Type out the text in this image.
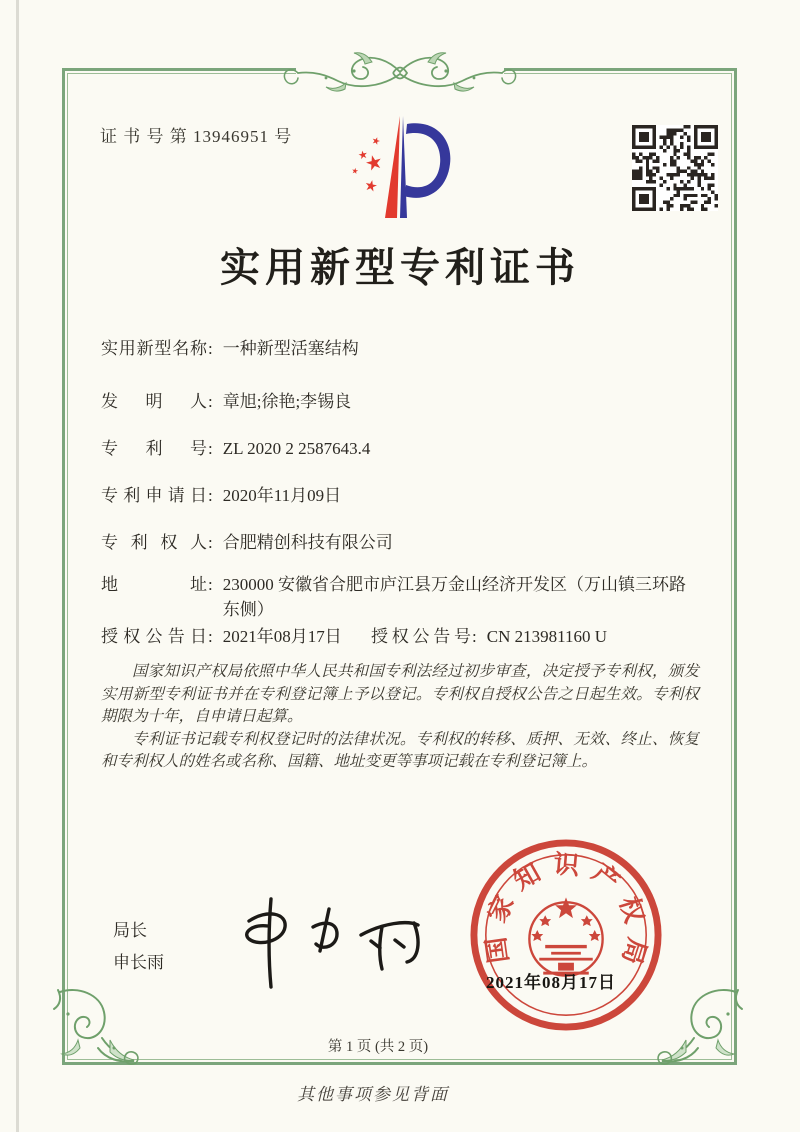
证 书 号 第 13946951 号
实用新型专利证书
实用新型名称 : 一种新型活塞结构
发明人 : 章旭;徐艳;李锡良
专利号 : ZL 2020 2 2587643.4
专利申请日 : 2020年11月09日
专利权人 : 合肥精创科技有限公司
地址 : 230000 安徽省合肥市庐江县万金山经济开发区（万山镇三环路东侧）
授权公告日 : 2021年08月17日 授权公告号 : CN 213981160 U

国家知识产权局依照中华人民共和国专利法经过初步审查，决定授予专利权，颁发实用新型专利证书并在专利登记簿上予以登记。专利权自授权公告之日起生效。专利权期限为十年，自申请日起算。

专利证书记载专利权登记时的法律状况。专利权的转移、质押、无效、终止、恢复和专利权人的姓名或名称、国籍、地址变更等事项记载在专利登记簿上。

局长
申长雨	国家知识产权局
2021年08月17日
第 1 页 (共 2 页)
其他事项参见背面
